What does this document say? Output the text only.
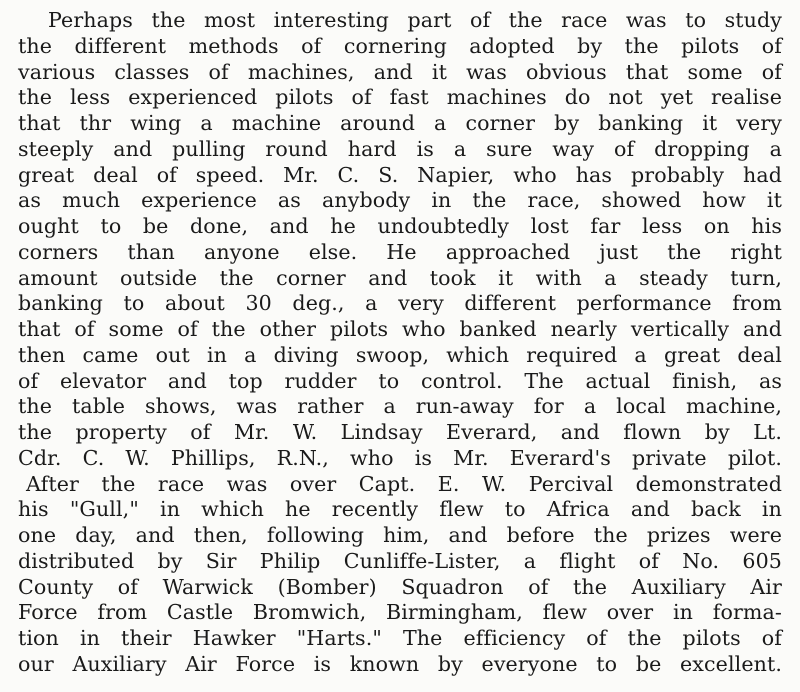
Perhaps the most interesting part of the race was to study
the different methods of cornering adopted by the pilots of
various classes of machines, and it was obvious that some of
the less experienced pilots of fast machines do not yet realise
that thr wing a machine around a corner by banking it very
steeply and pulling round hard is a sure way of dropping a
great deal of speed. Mr. C. S. Napier, who has probably had
as much experience as anybody in the race, showed how it
ought to be done, and he undoubtedly lost far less on his
corners than anyone else. He approached just the right
amount outside the corner and took it with a steady turn,
banking to about 30 deg., a very different performance from
that of some of the other pilots who banked nearly vertically and
then came out in a diving swoop, which required a great deal
of elevator and top rudder to control. The actual finish, as
the table shows, was rather a run-away for a local machine,
the property of Mr. W. Lindsay Everard, and flown by Lt.
Cdr. C. W. Phillips, R.N., who is Mr. Everard's private pilot.
After the race was over Capt. E. W. Percival demonstrated
his "Gull," in which he recently flew to Africa and back in
one day, and then, following him, and before the prizes were
distributed by Sir Philip Cunliffe-Lister, a flight of No. 605
County of Warwick (Bomber) Squadron of the Auxiliary Air
Force from Castle Bromwich, Birmingham, flew over in forma-
tion in their Hawker "Harts." The efficiency of the pilots of
our Auxiliary Air Force is known by everyone to be excellent.
